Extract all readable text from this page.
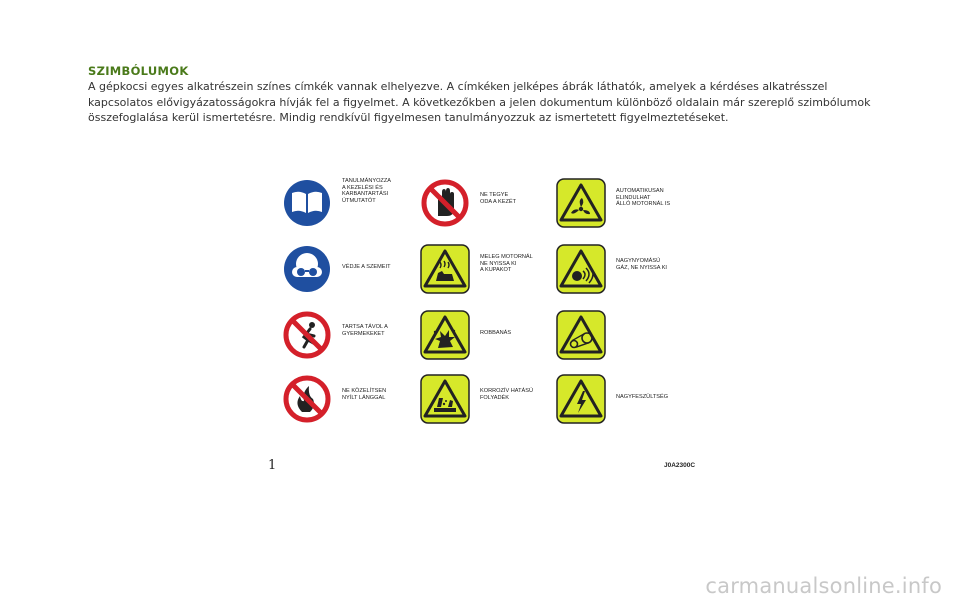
SZIMBÓLUMOK

A gépkocsi egyes alkatrészein színes címkék vannak elhelyezve. A címkéken jelképes ábrák láthatók, amelyek a kérdéses alkatrésszel kapcsolatos elővigyázatosságokra hívják fel a figyelmet. A következőkben a jelen dokumentum különböző oldalain már szereplő szimbólumok összefoglalása kerül ismertetésre. Mindig rendkívül figyelmesen tanulmányozzuk az ismertetett figyelmeztetéseket.

TANULMÁNYOZZA
A KEZELÉSI ÉS
KARBANTARTÁSI
ÚTMUTATÓT
VÉDJE A SZEMEIT
TARTSA TÁVOL A
GYERMEKEKET
NE KÖZELÍTSEN
NYÍLT LÁNGGAL
NE TEGYE
ODA A KEZÉT
MELEG MOTORNÁL
NE NYISSA KI
A KUPAKOT
ROBBANÁS
KORROZÍV HATÁSÚ
FOLYADÉK
AUTOMATIKUSAN
ELINDULHAT
ÁLLÓ MOTORNÁL IS
NAGYNYOMÁSÚ
GÁZ, NE NYISSA KI
NAGYFESZÜLTSÉG
1	J0A2300C
carmanualsonline.info
